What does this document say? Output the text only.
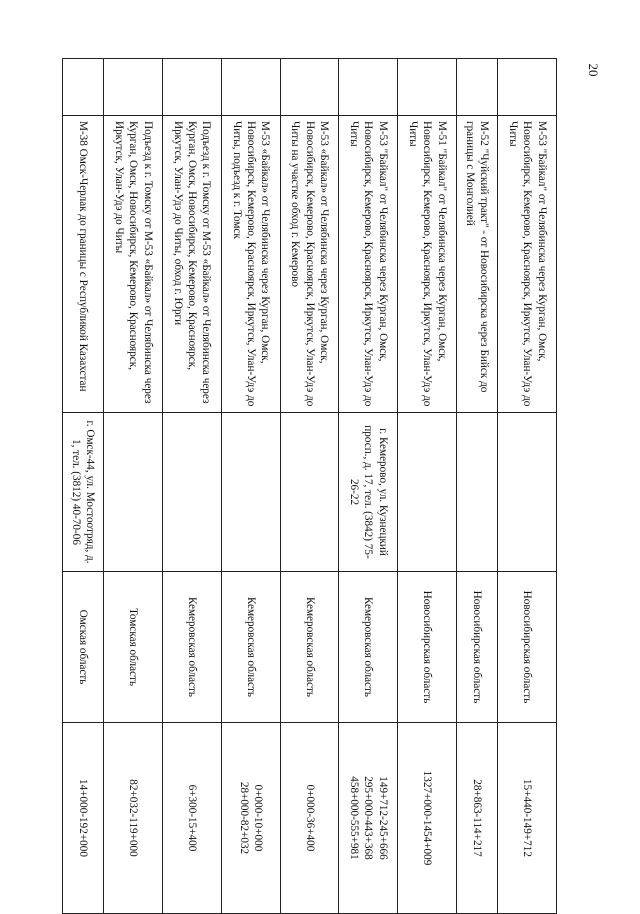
20
	М-53 "Байкал" от Челябинска через Курган, Омск, Новосибирск, Кемерово, Красноярск, Иркутск, Улан-Удэ до Читы		Новосибирская область	15+440-149+712
	М-52 "Чуйский тракт" - от Новосибирска через Бийск до границы с Монголией		Новосибирская область	28+863-114+217
	М-51 "Байкал" от Челябинска через Курган, Омск, Новосибирск, Кемерово, Красноярск, Иркутск, Улан-Удэ до Читы		Новосибирская область	1327+000-1454+009
	М-53 "Байкал" от Челябинска через Курган, Омск, Новосибирск, Кемерово, Красноярск, Иркутск, Улан-Удэ до Читы	г. Кемерово, ул. Кузнецкий просп., д. 17, тел. (3842) 75-26-22	Кемеровская область	149+712-245+666
295+000-443+368
458+000-555+981
	М-53 «Байкал» от Челябинска через Курган, Омск, Новосибирск, Кемерово, Красноярск, Иркутск, Улан-Удэ до Читы на участке обход г. Кемерово		Кемеровская область	0+000-36+400
	М-53 «Байкал» от Челябинска через Курган, Омск, Новосибирск, Кемерово, Красноярск, Иркутск, Улан-Удэ до Читы, подъезд к г. Томск		Кемеровская область	0+000-10+000
28+000-82+032
	Подъезд к г. Томску от М-53 «Байкал» от Челябинска через Курган, Омск, Новосибирск, Кемерово, Красноярск, Иркутск, Улан-Удэ до Читы, обход г. Юрги		Кемеровская область	6+300-15+400
	Подъезд к г. Томску от М-53 «Байкал» от Челябинска через Курган, Омск, Новосибирск, Кемерово, Красноярск, Иркутск, Улан-Удэ до Читы		Томская область	82+032-119+000
	М-38 Омск-Черлак до границы с Республикой Казахстан	г. Омск-44, ул. Мостоотряд, д. 1, тел. (3812) 40-70-06	Омская область	14+000-192+000
